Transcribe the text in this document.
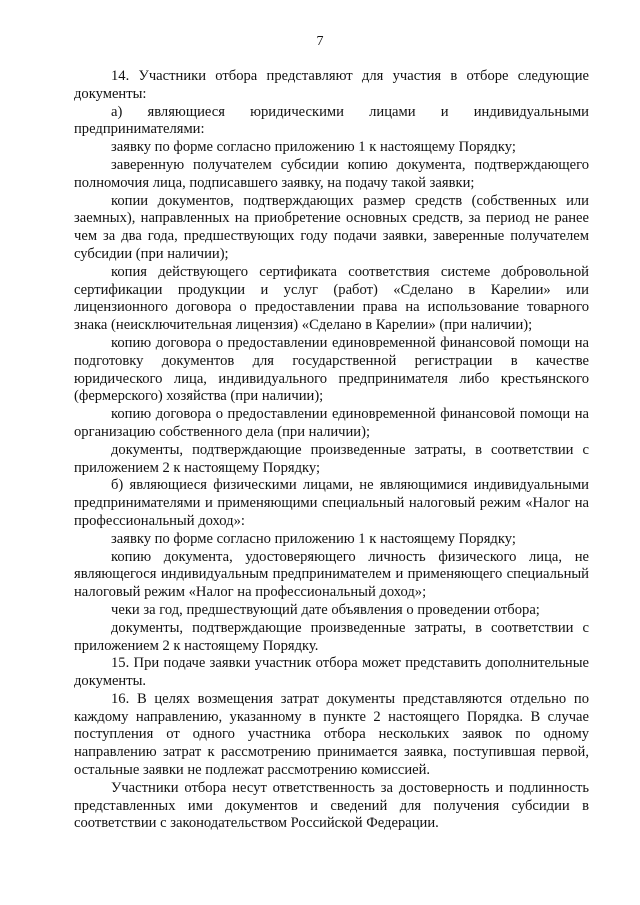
7

14. Участники отбора представляют для участия в отборе следующие документы:

а) являющиеся юридическими лицами и индивидуальными предпринимателями:

заявку по форме согласно приложению 1 к настоящему Порядку;

заверенную получателем субсидии копию документа, подтверждающего полномочия лица, подписавшего заявку, на подачу такой заявки;

копии документов, подтверждающих размер средств (собственных или заемных), направленных на приобретение основных средств, за период не ранее чем за два года, предшествующих году подачи заявки, заверенные получателем субсидии (при наличии);

копия действующего сертификата соответствия системе добровольной сертификации продукции и услуг (работ) «Сделано в Карелии» или лицензионного договора о предоставлении права на использование товарного знака (неисключительная лицензия) «Сделано в Карелии» (при наличии);

копию договора о предоставлении единовременной финансовой помощи на подготовку документов для государственной регистрации в качестве юридического лица, индивидуального предпринимателя либо крестьянского (фермерского) хозяйства (при наличии);

копию договора о предоставлении единовременной финансовой помощи на организацию собственного дела (при наличии);

документы, подтверждающие произведенные затраты, в соответствии с приложением 2 к настоящему Порядку;

б) являющиеся физическими лицами, не являющимися индивидуальными предпринимателями и применяющими специальный налоговый режим «Налог на профессиональный доход»:

заявку по форме согласно приложению 1 к настоящему Порядку;

копию документа, удостоверяющего личность физического лица, не являющегося индивидуальным предпринимателем и применяющего специальный налоговый режим «Налог на профессиональный доход»;

чеки за год, предшествующий дате объявления о проведении отбора;

документы, подтверждающие произведенные затраты, в соответствии с приложением 2 к настоящему Порядку.

15. При подаче заявки участник отбора может представить дополнительные документы.

16. В целях возмещения затрат документы представляются отдельно по каждому направлению, указанному в пункте 2 настоящего Порядка. В случае поступления от одного участника отбора нескольких заявок по одному направлению затрат к рассмотрению принимается заявка, поступившая первой, остальные заявки не подлежат рассмотрению комиссией.

Участники отбора несут ответственность за достоверность и подлинность представленных ими документов и сведений для получения субсидии в соответствии с законодательством Российской Федерации.
